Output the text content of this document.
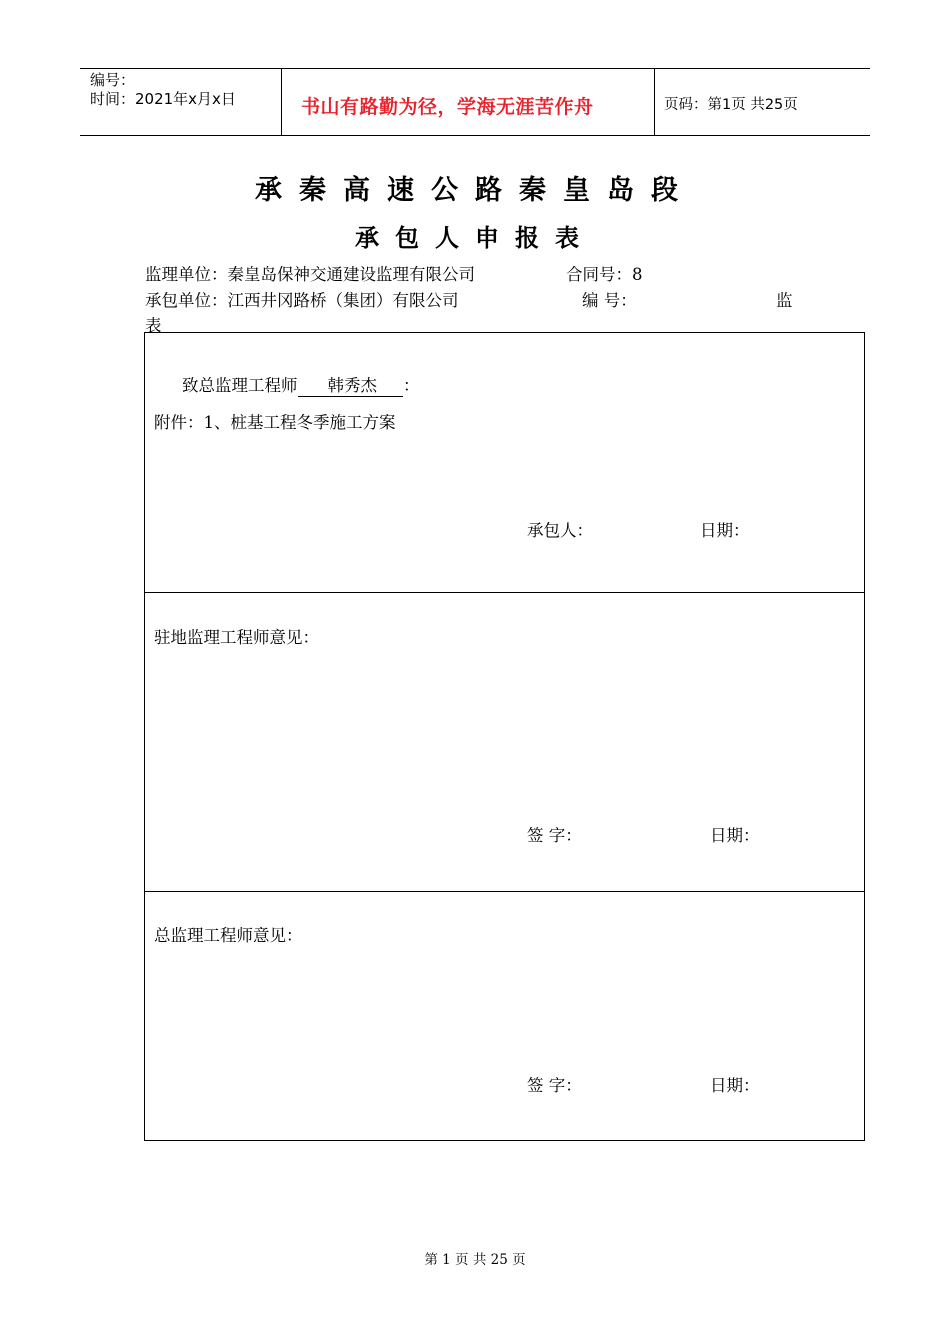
编号：
时间：2021年x月x日	书山有路勤为径，学海无涯苦作舟	页码：第1页 共25页
承秦高速公路秦皇岛段
承包人申报表
监理单位：秦皇岛保神交通建设监理有限公司	合同号：8
承包单位：江西井冈路桥（集团）有限公司	编 号：	监
表
致总监理工程师 韩秀杰 ：
附件：1、桩基工程冬季施工方案
承包人：	日期：
驻地监理工程师意见：
签 字：	日期：
总监理工程师意见：
签 字：	日期：
第 1 页 共 25 页
